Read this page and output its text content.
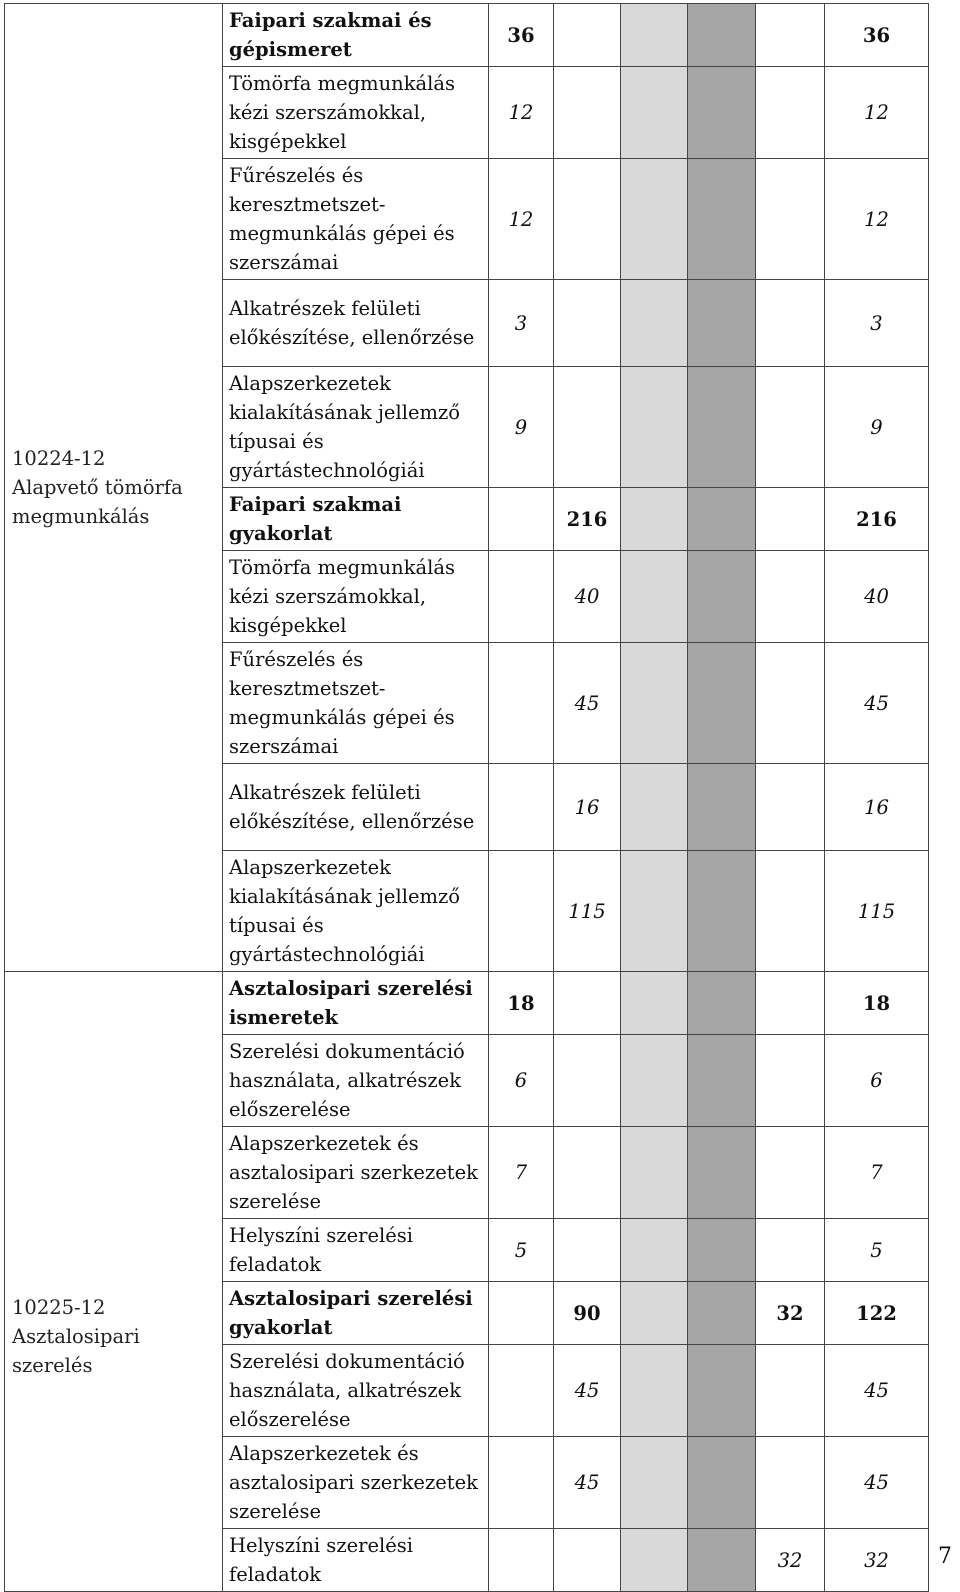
10224-12
Alapvető tömörfa megmunkálás	Faipari szakmai és gépismeret	36					36
	Tömörfa megmunkálás kézi szerszámokkal, kisgépekkel	12					12
	Fűrészelés és keresztmetszet-megmunkálás gépei és szerszámai	12					12
	Alkatrészek felületi előkészítése, ellenőrzése	3					3
	Alapszerkezetek kialakításának jellemző típusai és gyártástechnológiái	9					9
	Faipari szakmai gyakorlat		216				216
	Tömörfa megmunkálás kézi szerszámokkal, kisgépekkel		40				40
	Fűrészelés és keresztmetszet-megmunkálás gépei és szerszámai		45				45
	Alkatrészek felületi előkészítése, ellenőrzése		16				16
	Alapszerkezetek kialakításának jellemző típusai és gyártástechnológiái		115				115

10225-12
Asztalosipari szerelés	Asztalosipari szerelési ismeretek	18					18
	Szerelési dokumentáció használata, alkatrészek előszerelése	6					6
	Alapszerkezetek és asztalosipari szerkezetek szerelése	7					7
	Helyszíni szerelési feladatok	5					5
	Asztalosipari szerelési gyakorlat		90			32	122
	Szerelési dokumentáció használata, alkatrészek előszerelése		45				45
	Alapszerkezetek és asztalosipari szerkezetek szerelése		45				45
	Helyszíni szerelési feladatok					32	32 7
